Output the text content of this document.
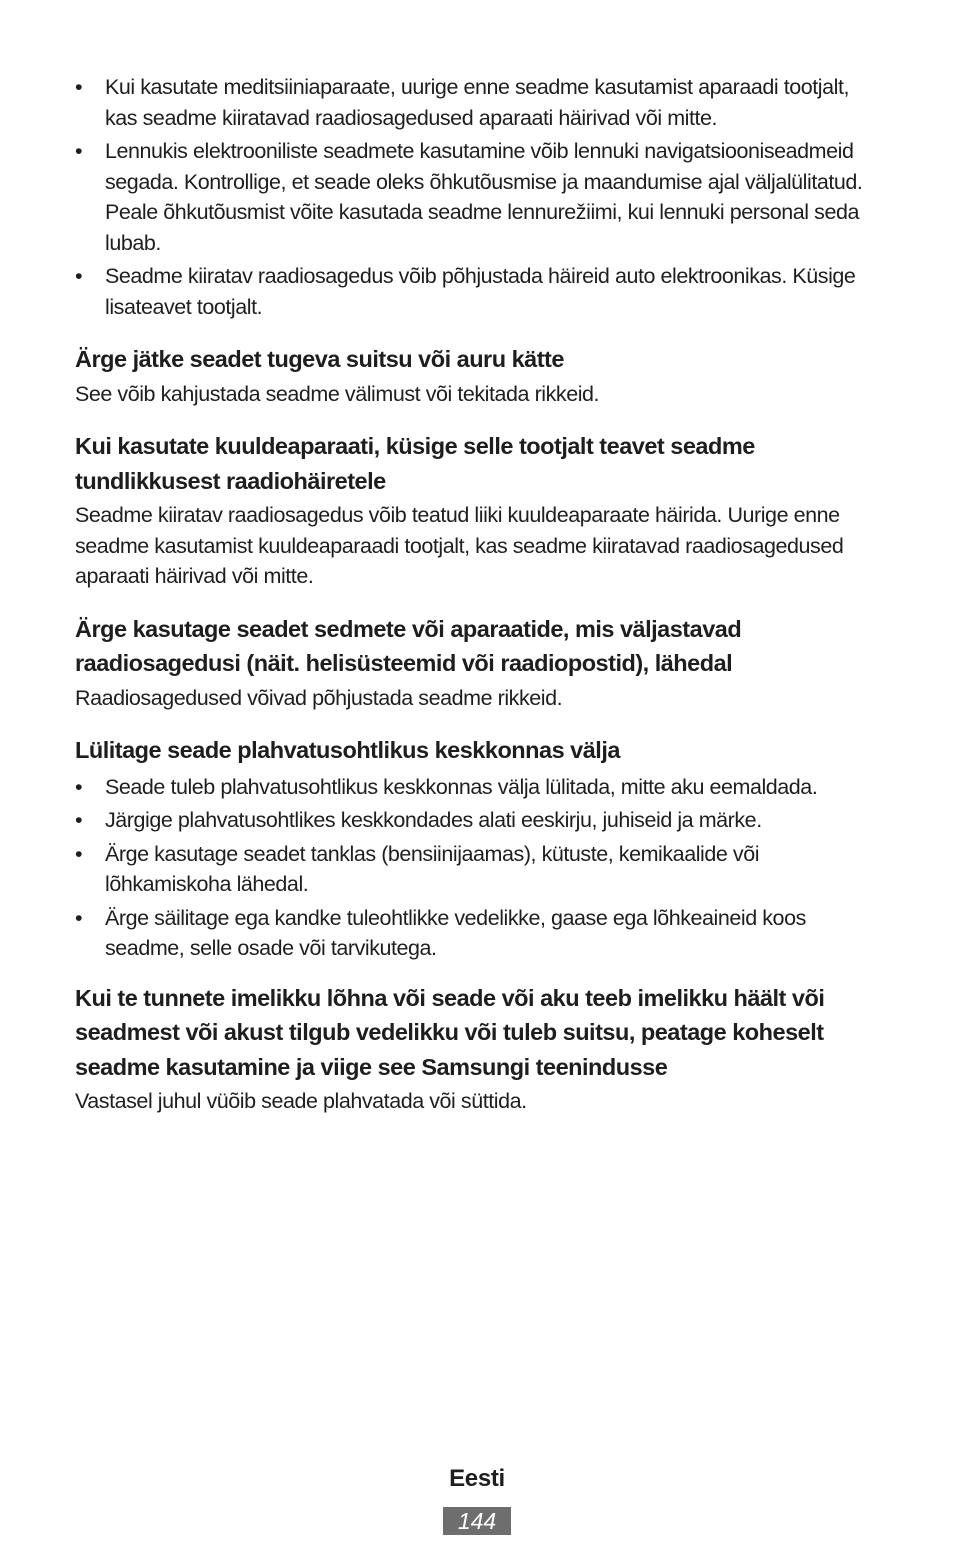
• Kui kasutate meditsiiniaparaate, uurige enne seadme kasutamist aparaadi tootjalt, kas seadme kiiratavad raadiosagedused aparaati häirivad või mitte.
• Lennukis elektrooniliste seadmete kasutamine võib lennuki navigatsiooniseadmeid segada. Kontrollige, et seade oleks õhkutõusmise ja maandumise ajal väljalülitatud. Peale õhkutõusmist võite kasutada seadme lennurežiimi, kui lennuki personal seda lubab.
• Seadme kiiratav raadiosagedus võib põhjustada häireid auto elektroonikas. Küsige lisateavet tootjalt.
Ärge jätke seadet tugeva suitsu või auru kätte

See võib kahjustada seadme välimust või tekitada rikkeid.

Kui kasutate kuuldeaparaati, küsige selle tootjalt teavet seadme tundlikkusest raadiohäiretele

Seadme kiiratav raadiosagedus võib teatud liiki kuuldeaparaate häirida. Uurige enne seadme kasutamist kuuldeaparaadi tootjalt, kas seadme kiiratavad raadiosagedused aparaati häirivad või mitte.

Ärge kasutage seadet sedmete või aparaatide, mis väljastavad raadiosagedusi (näit. helisüsteemid või raadiopostid), lähedal

Raadiosagedused võivad põhjustada seadme rikkeid.

Lülitage seade plahvatusohtlikus keskkonnas välja
• Seade tuleb plahvatusohtlikus keskkonnas välja lülitada, mitte aku eemaldada.
• Järgige plahvatusohtlikes keskkondades alati eeskirju, juhiseid ja märke.
• Ärge kasutage seadet tanklas (bensiinijaamas), kütuste, kemikaalide või lõhkamiskoha lähedal.
• Ärge säilitage ega kandke tuleohtlikke vedelikke, gaase ega lõhkeaineid koos seadme, selle osade või tarvikutega.
Kui te tunnete imelikku lõhna või seade või aku teeb imelikku häält või seadmest või akust tilgub vedelikku või tuleb suitsu, peatage koheselt seadme kasutamine ja viige see Samsungi teenindusse

Vastasel juhul vüõib seade plahvatada või süttida.

Eesti
144
